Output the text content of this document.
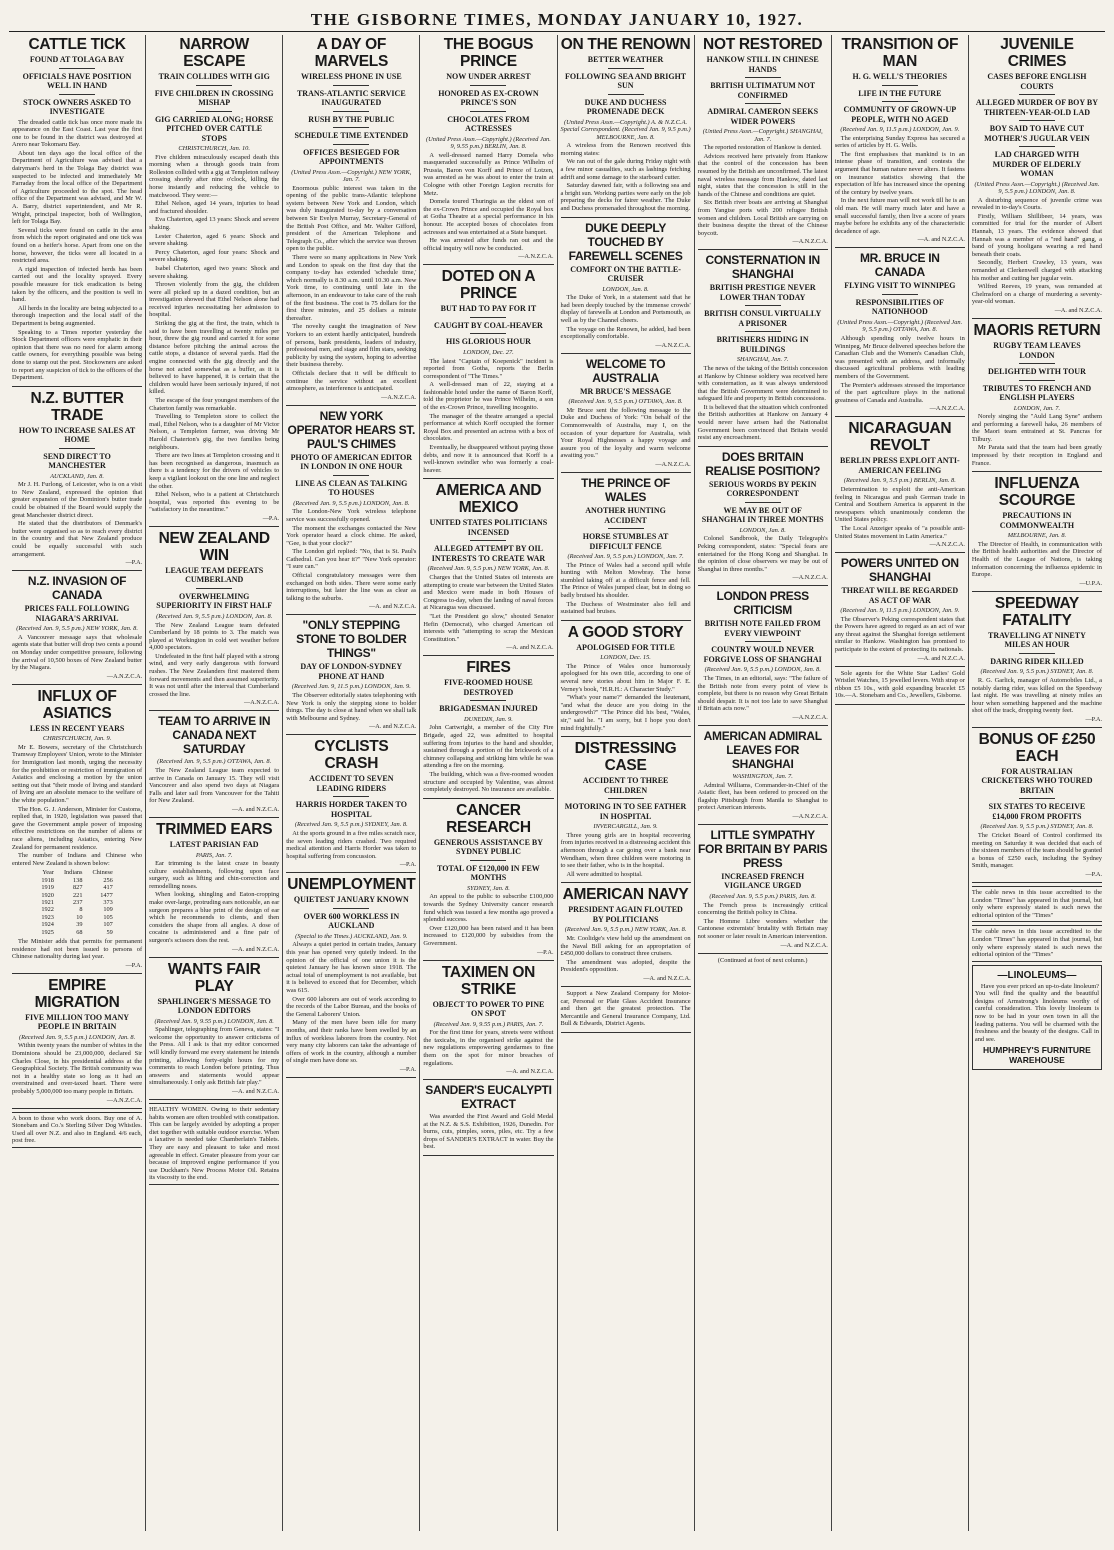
THE GISBORNE TIMES, MONDAY JANUARY 10, 1927.
CATTLE TICK
FOUND AT TOLAGA BAY
OFFICIALS HAVE POSITION WELL IN HAND
STOCK OWNERS ASKED TO INVESTIGATE
The dreaded cattle tick has once more made its appearance on the East Coast. Last year the first one to be found in the district was destroyed at Arero near Tokomaru Bay.
About ten days ago the local office of the Department of Agriculture was advised that a dairyman's herd in the Tolaga Bay district was suspected to be infected and immediately Mr Farraday from the local office of the Department of Agriculture proceeded to the spot. The head office of the Department was advised, and Mr W. A. Barry, district superintendent, and Mr R. Wright, principal inspector, both of Wellington, left for Tolaga Bay.
Several ticks were found on cattle in the area from which the report originated and one tick was found on a heifer's horse. Apart from one on the horse, however, the ticks were all located in a restricted area.
A rigid inspection of infected herds has been carried out and the locality sprayed. Every possible measure for tick eradication is being taken by the officers, and the position is well in hand.
All herds in the locality are being subjected to a thorough inspection and the local staff of the Department is being augmented.
Speaking to a Times reporter yesterday the Stock Department officers were emphatic in their opinion that there was no need for alarm among cattle owners, for everything possible was being done to stamp out the pest. Stockowners are asked to report any suspicion of tick to the officers of the Department.
N.Z. BUTTER TRADE
HOW TO INCREASE SALES AT HOME
SEND DIRECT TO MANCHESTER
AUCKLAND, Jan. 8.
Mr J. H. Furlong, of Leicester, who is on a visit to New Zealand, expressed the opinion that greater expansion of the Dominion's butter trade could be obtained if the Board would supply the great Manchester district direct.
He stated that the distributors of Denmark's butter were organised so as to reach every district in the country and that New Zealand produce could be equally successful with such arrangement.
—P.A.
N.Z. INVASION OF CANADA
PRICES FALL FOLLOWING NIAGARA'S ARRIVAL
(Received Jan. 9, 5.5 p.m.) NEW YORK, Jan. 8.
A Vancouver message says that wholesale agents state that butter will drop two cents a pound on Monday under competitive pressure, following the arrival of 10,500 boxes of New Zealand butter by the Niagara.
—A.N.Z.C.A.
INFLUX OF ASIATICS
LESS IN RECENT YEARS
CHRISTCHURCH, Jan. 9.
Mr E. Bowers, secretary of the Christchurch Tramway Employees' Union, wrote to the Minister for Immigration last month, urging the necessity for the prohibition or restriction of immigration of Asiatics and enclosing a motion by the union setting out that "their mode of living and standard of living are an absolute menace to the welfare of the white population."
The Hon. G. J. Anderson, Minister for Customs, replied that, in 1920, legislation was passed that gave the Government ample power of imposing effective restrictions on the number of aliens or race aliens, including Asiatics, entering New Zealand for permanent residence.
The number of Indians and Chinese who entered New Zealand is shown below:
Year	Indians	Chinese
1918	138	256
1919	827	417
1920	221	1477
1921	237	373
1922	8	109
1923	10	105
1924	39	107
1925	68	59
The Minister adds that permits for permanent residence had not been issued to persons of Chinese nationality during last year.
—P.A.
EMPIRE MIGRATION
FIVE MILLION TOO MANY PEOPLE IN BRITAIN
(Received Jan. 9, 5.5 p.m.) LONDON, Jan. 8.
Within twenty years the number of whites in the Dominions should be 23,000,000, declared Sir Charles Close, in his presidential address at the Geographical Society. The British community was not in a healthy state so long as it had an overstrained and over-taxed heart. There were probably 5,000,000 too many people in Britain.
—A.N.Z.C.A.
A boon to those who work doors. Buy one of A. Stonebam and Co.'s Sterling Silver Dog Whistles. Used all over N.Z. and also in England. 4/6 each, post free.
NARROW ESCAPE
TRAIN COLLIDES WITH GIG
FIVE CHILDREN IN CROSSING MISHAP
GIG CARRIED ALONG; HORSE PITCHED OVER CATTLE STOPS
CHRISTCHURCH, Jan. 10.
Five children miraculously escaped death this morning when a through goods train from Rolleston collided with a gig at Templeton railway crossing shortly after nine o'clock, killing the horse instantly and reducing the vehicle to matchwood. They were:—
Ethel Nelson, aged 14 years, injuries to head and fractured shoulder.
Eva Chaterton, aged 13 years: Shock and severe shaking.
Lester Chaterton, aged 6 years: Shock and severe shaking.
Percy Chaterton, aged four years: Shock and severe shaking.
Isabel Chaterton, aged two years: Shock and severe shaking.
Thrown violently from the gig, the children were all picked up in a dazed condition, but an investigation showed that Ethel Nelson alone had received injuries necessitating her admission to hospital.
Striking the gig at the first, the train, which is said to have been travelling at twenty miles per hour, threw the gig round and carried it for some distance before pitching the animal across the cattle stops, a distance of several yards. Had the engine connected with the gig directly and the horse not acted somewhat as a buffer, as it is believed to have happened, it is certain that the children would have been seriously injured, if not killed.
The escape of the four youngest members of the Chaterton family was remarkable.
Travelling to Templeton store to collect the mail, Ethel Nelson, who is a daughter of Mr Victor Nelson, a Templeton farmer, was driving Mr Harold Chaterton's gig, the two families being neighbours.
There are two lines at Templeton crossing and it has been recognised as dangerous, inasmuch as there is a tendency for the drivers of vehicles to keep a vigilant lookout on the one line and neglect the other.
Ethel Nelson, who is a patient at Christchurch hospital, was reported this evening to be "satisfactory in the meantime."
—P.A.
NEW ZEALAND WIN
LEAGUE TEAM DEFEATS CUMBERLAND
OVERWHELMING SUPERIORITY IN FIRST HALF
(Received Jan. 9, 5.5 p.m.) LONDON, Jan. 8.
The New Zealand League team defeated Cumberland by 18 points to 3. The match was played at Workington in cold wet weather before 4,000 spectators.
Undefeated in the first half played with a strong wind, and very early dangerous with forward rushes. The New Zealanders first mastered them forward movements and then assumed superiority. It was not until after the interval that Cumberland crossed the line.
—A.N.Z.C.A.
TEAM TO ARRIVE IN CANADA NEXT SATURDAY
(Received Jan. 9, 5.5 p.m.) OTTAWA, Jan. 8.
The New Zealand League team expected to arrive in Canada on January 15. They will visit Vancouver and also spend two days at Niagara Falls and later sail from Vancouver for the Tahiti for New Zealand.
—A. and N.Z.C.A.
TRIMMED EARS
LATEST PARISIAN FAD
PARIS, Jan. 7.
Ear trimming is the latest craze in beauty culture establishments, following upon face surgery, such as lifting and chin-correction and remodelling noses.
When looking, shingling and Eaton-cropping make over-large, protruding ears noticeable, an ear surgeon prepares a blue print of the design of ear which he recommends to clients, and then considers the shape from all angles. A dose of cocaine is administered and a fine pair of surgeon's scissors does the rest.
—A. and N.Z.C.A.
WANTS FAIR PLAY
SPAHLINGER'S MESSAGE TO LONDON EDITORS
(Received Jan. 9, 9.55 p.m.) LONDON, Jan. 8.
Spahlinger, telegraphing from Geneva, states: "I welcome the opportunity to answer criticisms of the Press. All I ask is that my editor concerned will kindly forward me every statement he intends printing, allowing forty-eight hours for my comments to reach London before printing. Thus answers and statements would appear simultaneously. I only ask British fair play."
—A. and N.Z.C.A.
HEALTHY WOMEN. Owing to their sedentary habits women are often troubled with constipation. This can be largely avoided by adopting a proper diet together with suitable outdoor exercise. When a laxative is needed take Chamberlain's Tablets. They are easy and pleasant to take and most agreeable in effect. Greater pleasure from your car because of improved engine performance if you use Duckham's New Process Motor Oil. Retains its viscosity to the end.
A DAY OF MARVELS
WIRELESS PHONE IN USE
TRANS-ATLANTIC SERVICE INAUGURATED
RUSH BY THE PUBLIC
SCHEDULE TIME EXTENDED
OFFICES BESIEGED FOR APPOINTMENTS
(United Press Assn.—Copyright.) NEW YORK, Jan. 7.
Enormous public interest was taken in the opening of the public trans-Atlantic telephone system between New York and London, which was duly inaugurated to-day by a conversation between Sir Evelyn Murray, Secretary-General of the British Post Office, and Mr. Walter Gifford, president of the American Telephone and Telegraph Co., after which the service was thrown open to the public.
There were so many applications in New York and London to speak on the first day that the company to-day has extended 'schedule time,' which normally is 8.30 a.m. until 10.30 a.m. New York time, to continuing until late in the afternoon, in an endeavour to take care of the rush of the first business. The cost is 75 dollars for the first three minutes, and 25 dollars a minute thereafter.
The novelty caught the imagination of New Yorkers to an extent hardly anticipated, hundreds of persons, bank presidents, leaders of industry, professional men, and stage and film stars, seeking publicity by using the system, hoping to advertise their business thereby.
Officials declare that it will be difficult to continue the service without an excellent atmosphere, as interference is anticipated.
—A.N.Z.C.A.
NEW YORK OPERATOR HEARS ST. PAUL'S CHIMES
PHOTO OF AMERICAN EDITOR IN LONDON IN ONE HOUR
LINE AS CLEAN AS TALKING TO HOUSES
(Received Jan. 9, 5.5 p.m.) LONDON, Jan. 8.
The London-New York wireless telephone service was successfully opened.
The moment the exchanges contacted the New York operator heard a clock chime. He asked, "Gee, is that your clock?"
The London girl replied: "No, that is St. Paul's Cathedral. Can you hear it?" "New York operator: "I sure can."
Official congratulatory messages were then exchanged on both sides. There were some early interruptions, but later the line was as clear as talking to the suburbs.
—A. and N.Z.C.A.
"ONLY STEPPING STONE TO BOLDER THINGS"
DAY OF LONDON-SYDNEY PHONE AT HAND
(Received Jan. 9, 11.5 p.m.) LONDON, Jan. 9.
The Observer editorially states telephoning with New York is only the stepping stone to bolder things. The day is close at hand when we shall talk with Melbourne and Sydney.
—A. and N.Z.C.A.
CYCLISTS CRASH
ACCIDENT TO SEVEN LEADING RIDERS
HARRIS HORDER TAKEN TO HOSPITAL
(Received Jan. 9, 5.5 p.m.) SYDNEY, Jan. 8.
At the sports ground in a five miles scratch race, the seven leading riders crashed. Two required medical attention and Harris Horder was taken to hospital suffering from concussion.
—P.A.
UNEMPLOYMENT
QUIETEST JANUARY KNOWN
OVER 600 WORKLESS IN AUCKLAND
(Special to the Times.) AUCKLAND, Jan. 9.
Always a quiet period in certain trades, January this year has opened very quietly indeed. In the opinion of the official of one union it is the quietest January he has known since 1918. The actual total of unemployment is not available, but it is believed to exceed that for December, which was 615.
Over 600 laborers are out of work according to the records of the Labor Bureau, and the books of the General Laborers' Union.
Many of the men have been idle for many months, and their ranks have been swelled by an influx of workless laborers from the country. Not very many city laborers can take the advantage of offers of work in the country, although a number of single men have done so.
—P.A.
THE BOGUS PRINCE
NOW UNDER ARREST
HONORED AS EX-CROWN PRINCE'S SON
CHOCOLATES FROM ACTRESSES
(United Press Assn.—Copyright.) (Received Jan. 9, 9.55 p.m.) BERLIN, Jan. 8.
A well-dressed named Harry Domela who masqueraded successfully as Prince Wilhelm of Prussia, Baron von Korff and Prince of Lotzen, was arrested as he was about to enter the train at Cologne with other Foreign Legion recruits for Metz.
Domela toured Thuringia as the eldest son of the ex-Crown Prince and occupied the Royal box at Gotha Theatre at a special performance in his honour. He accepted boxes of chocolates from actresses and was entertained at a State banquet.
He was arrested after funds ran out and the official inquiry will now be conducted.
—A.N.Z.C.A.
DOTED ON A PRINCE
BUT HAD TO PAY FOR IT
CAUGHT BY COAL-HEAVER
HIS GLORIOUS HOUR
LONDON, Dec. 27.
The latest "Captain of Koepenick" incident is reported from Gotha, reports the Berlin correspondent of "The Times."
A well-dressed man of 22, staying at a fashionable hotel under the name of Baron Korff, told the proprietor he was Prince Wilhelm, a son of the ex-Crown Prince, travelling incognito.
The manager of the theatre arranged a special performance at which Korff occupied the former Royal Box and presented an actress with a box of chocolates.
Eventually, he disappeared without paying those debts, and now it is announced that Korff is a well-known swindler who was formerly a coal-heaver.
AMERICA AND MEXICO
UNITED STATES POLITICIANS INCENSED
ALLEGED ATTEMPT BY OIL INTERESTS TO CREATE WAR
(Received Jan. 9, 5.5 p.m.) NEW YORK, Jan. 8.
Charges that the United States oil interests are attempting to create war between the United States and Mexico were made in both Houses of Congress to-day, when the landing of naval forces at Nicaragua was discussed.
"Let the President go slow," shouted Senator Hefin (Democrat), who charged American oil interests with "attempting to scrap the Mexican Constitution."
—A. and N.Z.C.A.
FIRES
FIVE-ROOMED HOUSE DESTROYED
BRIGADESMAN INJURED
DUNEDIN, Jan. 9.
John Cartwright, a member of the City Fire Brigade, aged 22, was admitted to hospital suffering from injuries to the hand and shoulder, sustained through a portion of the brickwork of a chimney collapsing and striking him while he was attending a fire on the morning.
The building, which was a five-roomed wooden structure and occupied by Valentine, was almost completely destroyed. No insurance are available.
CANCER RESEARCH
GENEROUS ASSISTANCE BY SYDNEY PUBLIC
TOTAL OF £120,000 IN FEW MONTHS
SYDNEY, Jan. 8.
An appeal to the public to subscribe £100,000 towards the Sydney University cancer research fund which was issued a few months ago proved a splendid success.
Over £120,000 has been raised and it has been increased to £120,000 by subsidies from the Government.
—P.A.
TAXIMEN ON STRIKE
OBJECT TO POWER TO PINE ON SPOT
(Received Jan. 9, 9.55 p.m.) PARIS, Jan. 7.
For the first time for years, streets were without the taxicabs, in the organised strike against the new regulations empowering gendarmes to fine them on the spot for minor breaches of regulations.
—A. and N.Z.C.A.
SANDER'S EUCALYPTI EXTRACT
Was awarded the First Award and Gold Medal at the N.Z. & S.S. Exhibition, 1926, Dunedin. For burns, cuts, pimples, sores, piles, etc. Try a few drops of SANDER'S EXTRACT in water. Buy the best.
ON THE RENOWN
BETTER WEATHER
FOLLOWING SEA AND BRIGHT SUN
DUKE AND DUCHESS PROMENADE DECK
(United Press Assn.—Copyright.) A. & N.Z.C.A. Special Correspondent. (Received Jan. 9, 9.5 p.m.) MELBOURNE, Jan. 8.
A wireless from the Renown received this morning states:
We ran out of the gale during Friday night with a few minor casualties, such as lashings fetching adrift and some damage to the starboard cutter.
Saturday dawned fair, with a following sea and a bright sun. Working parties were early on the job preparing the decks for fairer weather. The Duke and Duchess promenaded throughout the morning.
DUKE DEEPLY TOUCHED BY FAREWELL SCENES
COMFORT ON THE BATTLE-CRUISER
LONDON, Jan. 8.
The Duke of York, in a statement said that he had been deeply touched by the immense crowds' display of farewells at London and Portsmouth, as well as by the Channel cheers.
The voyage on the Renown, he added, had been exceptionally comfortable.
—A.N.Z.C.A.
WELCOME TO AUSTRALIA
MR BRUCE'S MESSAGE
(Received Jan. 9, 5.5 p.m.) OTTAWA, Jan. 8.
Mr Bruce sent the following message to the Duke and Duchess of York: "On behalf of the Commonwealth of Australia, may I, on the occasion of your departure for Australia, wish Your Royal Highnesses a happy voyage and assure you of the loyalty and warm welcome awaiting you."
—A.N.Z.C.A.
THE PRINCE OF WALES
ANOTHER HUNTING ACCIDENT
HORSE STUMBLES AT DIFFICULT FENCE
(Received Jan. 9, 5.5 p.m.) LONDON, Jan. 7.
The Prince of Wales had a second spill while hunting with Melton Mowbray. The horse stumbled taking off at a difficult fence and fell. The Prince of Wales jumped clear, but in doing so badly bruised his shoulder.
The Duchess of Westminster also fell and sustained bad bruises.
A GOOD STORY
APOLOGISED FOR TITLE
LONDON, Dec. 15.
The Prince of Wales once humorously apologised for his own title, according to one of several new stories about him in Major F. E. Verney's book, "H.R.H.: A Character Study."
"What's your name?" demanded the lieutenant, "and what the deuce are you doing in the undergrowth?" "The Prince did his best, "Wales, sir," said he. "I am sorry, but I hope you don't mind frightfully."
DISTRESSING CASE
ACCIDENT TO THREE CHILDREN
MOTORING IN TO SEE FATHER IN HOSPITAL
INVERCARGILL, Jan. 9.
Three young girls are in hospital recovering from injuries received in a distressing accident this afternoon through a car going over a bank near Wendham, when three children were motoring in to see their father, who is in the hospital.
All were admitted to hospital.
AMERICAN NAVY
PRESIDENT AGAIN FLOUTED BY POLITICIANS
(Received Jan. 9, 5.5 p.m.) NEW YORK, Jan. 8.
Mr. Coolidge's view held up the amendment on the Naval Bill asking for an appropriation of £450,000 dollars to construct three cruisers.
The amendment was adopted, despite the President's opposition.
—A. and N.Z.C.A.
Support a New Zealand Company for Motor-car, Personal or Plate Glass Accident Insurance and then get the greatest protection. The Mercantile and General Insurance Company, Ltd. Bull & Edwards, District Agents.
NOT RESTORED
HANKOW STILL IN CHINESE HANDS
BRITISH ULTIMATUM NOT CONFIRMED
ADMIRAL CAMERON SEEKS WIDER POWERS
(United Press Assn.—Copyright.) SHANGHAI, Jan. 7.
The reported restoration of Hankow is denied.
Advices received here privately from Hankow that the control of the concession has been resumed by the British are unconfirmed. The latest naval wireless message from Hankow, dated last night, states that the concession is still in the hands of the Chinese and conditions are quiet.
Six British river boats are arriving at Shanghai from Yangtse ports with 200 refugee British women and children. Local British are carrying on their business despite the threat of the Chinese boycott.
—A.N.Z.C.A.
CONSTERNATION IN SHANGHAI
BRITISH PRESTIGE NEVER LOWER THAN TODAY
BRITISH CONSUL VIRTUALLY A PRISONER
BRITISHERS HIDING IN BUILDINGS
SHANGHAI, Jan. 7.
The news of the taking of the British concession at Hankow by Chinese soldiery was received here with consternation, as it was always understood that the British Government were determined to safeguard life and property in British concessions.
It is believed that the situation which confronted the British authorities at Hankow on January 4 would never have arisen had the Nationalist Government been convinced that Britain would resist any encroachment.
DOES BRITAIN REALISE POSITION?
SERIOUS WORDS BY PEKIN CORRESPONDENT
WE MAY BE OUT OF SHANGHAI IN THREE MONTHS
LONDON, Jan. 8.
Colonel Sandbrook, the Daily Telegraph's Peking correspondent, states: "Special fears are entertained for the Hong Kong and Shanghai. In the opinion of close observers we may be out of Shanghai in three months."
—A.N.Z.C.A.
LONDON PRESS CRITICISM
BRITISH NOTE FAILED FROM EVERY VIEWPOINT
COUNTRY WOULD NEVER FORGIVE LOSS OF SHANGHAI
(Received Jan. 9, 5.5 p.m.) LONDON, Jan. 8.
The Times, in an editorial, says: "The failure of the British note from every point of view is complete, but there is no reason why Great Britain should despair. It is not too late to save Shanghai if Britain acts now."
—A.N.Z.C.A.
AMERICAN ADMIRAL LEAVES FOR SHANGHAI
WASHINGTON, Jan. 7.
Admiral Williams, Commander-in-Chief of the Asiatic fleet, has been ordered to proceed on the flagship Pittsburgh from Manila to Shanghai to protect American interests.
—A.N.Z.C.A.
LITTLE SYMPATHY FOR BRITAIN BY PARIS PRESS
INCREASED FRENCH VIGILANCE URGED
(Received Jan. 9, 5.5 p.m.) PARIS, Jan. 8.
The French press is increasingly critical concerning the British policy in China.
The Homme Libre wonders whether the Cantonese extremists' brutality with Britain may not sooner or later result in American intervention.
—A. and N.Z.C.A.
(Continued at foot of next column.)
TRANSITION OF MAN
H. G. WELL'S THEORIES
LIFE IN THE FUTURE
COMMUNITY OF GROWN-UP PEOPLE, WITH NO AGED
(Received Jan. 9, 11.5 p.m.) LONDON, Jan. 9.
The enterprising Sunday Express has secured a series of articles by H. G. Wells.
The first emphasises that mankind is in an intense phase of transition, and contests the argument that human nature never alters. It fastens on insurance statistics showing that the expectation of life has increased since the opening of the century by twelve years.
In the next future man will not work till he is an old man. He will marry much later and have a small successful family, then live a score of years maybe before he exhibits any of the characteristic decadence of age.
—A. and N.Z.C.A.
MR. BRUCE IN CANADA
FLYING VISIT TO WINNIPEG
RESPONSIBILITIES OF NATIONHOOD
(United Press Assn.—Copyright.) (Received Jan. 9, 5.5 p.m.) OTTAWA, Jan. 8.
Although spending only twelve hours in Winnipeg, Mr Bruce delivered speeches before the Canadian Club and the Women's Canadian Club, was presented with an address, and informally discussed agricultural problems with leading members of the Government.
The Premier's addresses stressed the importance of the part agriculture plays in the national greatness of Canada and Australia.
—A.N.Z.C.A.
NICARAGUAN REVOLT
BERLIN PRESS EXPLOIT ANTI-AMERICAN FEELING
(Received Jan. 9, 5.5 p.m.) BERLIN, Jan. 8.
Determination to exploit the anti-American feeling in Nicaragua and push German trade in Central and Southern America is apparent in the newspapers which unanimously condemn the United States policy.
The Local Anzeiger speaks of "a possible anti-United States movement in Latin America."
—A.N.Z.C.A.
POWERS UNITED ON SHANGHAI
THREAT WILL BE REGARDED AS ACT OF WAR
(Received Jan. 9, 11.5 p.m.) LONDON, Jan. 9.
The Observer's Peking correspondent states that the Powers have agreed to regard as an act of war any threat against the Shanghai foreign settlement similar to Hankow. Washington has promised to participate to the extent of protecting its nationals.
—A. and N.Z.C.A.
Sole agents for the White Star Ladies' Gold Wristlet Watches, 15 jewelled levers. With strap or ribbon £5 10s., with gold expanding bracelet £5 10s.—A. Stonebam and Co., Jewellers, Gisborne.
JUVENILE CRIMES
CASES BEFORE ENGLISH COURTS
ALLEGED MURDER OF BOY BY THIRTEEN-YEAR-OLD LAD
BOY SAID TO HAVE CUT MOTHER'S JUGULAR VEIN
LAD CHARGED WITH MURDER OF ELDERLY WOMAN
(United Press Assn.—Copyright.) (Received Jan. 9, 5.5 p.m.) LONDON, Jan. 8.
A disturbing sequence of juvenile crime was revealed in to-day's Courts.
Firstly, William Shillibeer, 14 years, was committed for trial for the murder of Albert Hannah, 13 years. The evidence showed that Hannah was a member of a "red hand" gang, a band of young hooligans wearing a red hand beneath their coats.
Secondly, Herbert Crawley, 13 years, was remanded at Clerkenwell charged with attacking his mother and cutting her jugular vein.
Wilfred Reeves, 19 years, was remanded at Chelmsford on a charge of murdering a seventy-year-old woman.
—A. and N.Z.C.A.
MAORIS RETURN
RUGBY TEAM LEAVES LONDON
DELIGHTED WITH TOUR
TRIBUTES TO FRENCH AND ENGLISH PLAYERS
LONDON, Jan. 7.
Norely singing the "Auld Lang Syne" anthem and performing a farewell haka, 26 members of the Maori team entrained at St. Pancras for Tilbury.
Mr Parata said that the team had been greatly impressed by their reception in England and France.
INFLUENZA SCOURGE
PRECAUTIONS IN COMMONWEALTH
MELBOURNE, Jan. 8.
The Director of Health, in communication with the British health authorities and the Director of Health of the League of Nations, is taking information concerning the influenza epidemic in Europe.
—U.P.A.
SPEEDWAY FATALITY
TRAVELLING AT NINETY MILES AN HOUR
DARING RIDER KILLED
(Received Jan. 9, 5.5 p.m.) SYDNEY, Jan. 8.
R. G. Garlick, manager of Automobiles Ltd., a notably daring rider, was killed on the Speedway last night. He was travelling at ninety miles an hour when something happened and the machine shot off the track, dropping twenty feet.
—P.A.
BONUS OF £250 EACH
FOR AUSTRALIAN CRICKETERS WHO TOURED BRITAIN
SIX STATES TO RECEIVE £14,000 FROM PROFITS
(Received Jan. 9, 5.5 p.m.) SYDNEY, Jan. 8.
The Cricket Board of Control confirmed its meeting on Saturday it was decided that each of the sixteen members of the team should be granted a bonus of £250 each, including the Sydney Smith, manager.
—P.A.
The cable news in this issue accredited to the London "Times" has appeared in that journal, but only where expressly stated is such news the editorial opinion of the "Times"
The cable news in this issue accredited to the London "Times" has appeared in that journal, but only where expressly stated is such news the editorial opinion of the "Times"
—LINOLEUMS—
Have you ever priced an up-to-date linoleum? You will find the quality and the beautiful designs of Armstrong's linoleums worthy of careful consideration. This lovely linoleum is now to be had in your own town in all the leading patterns. You will be charmed with the freshness and the beauty of the designs. Call in and see.
HUMPHREY'S FURNITURE WAREHOUSE
